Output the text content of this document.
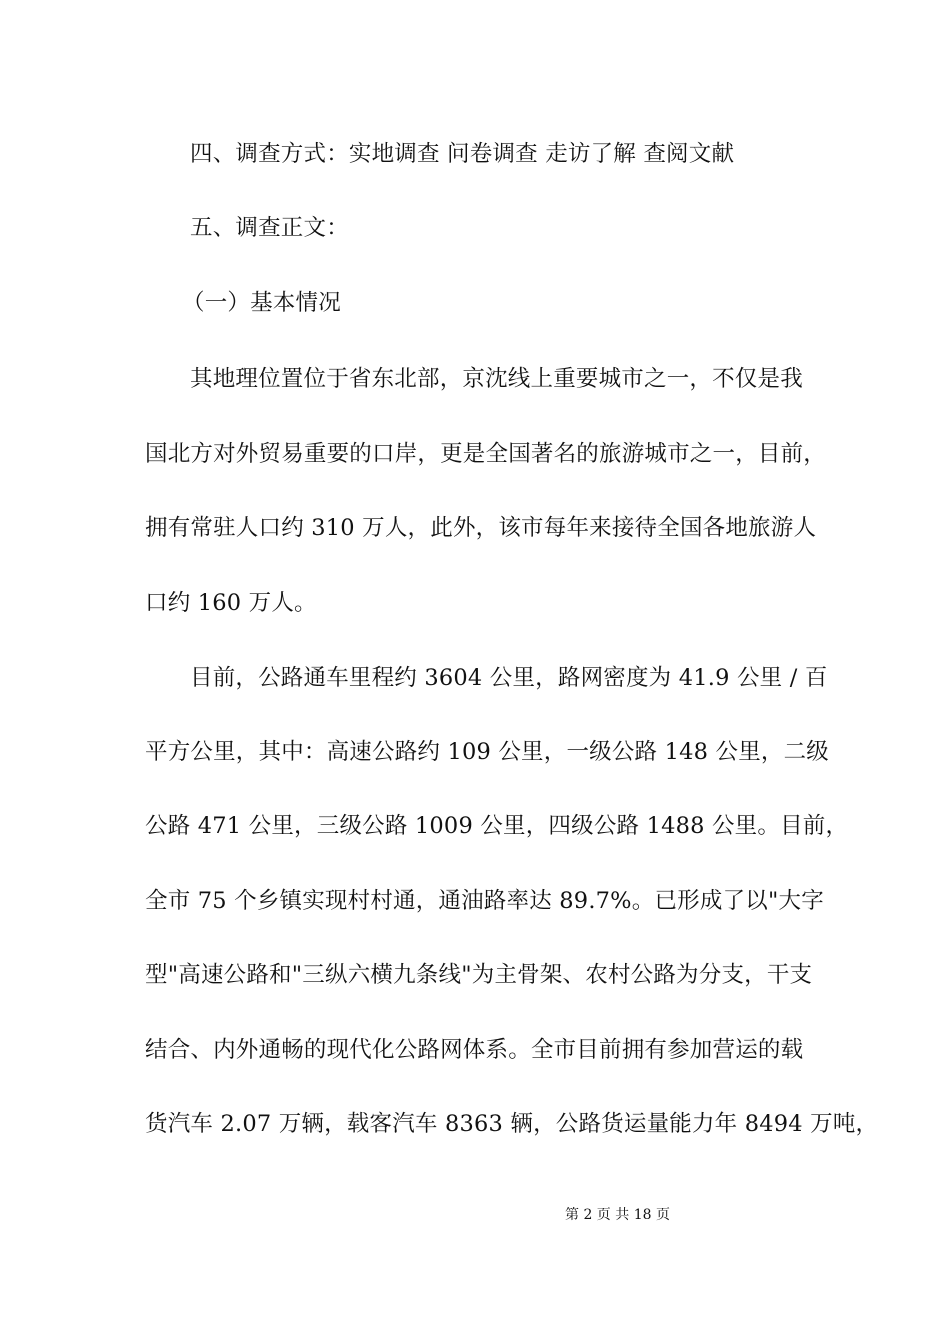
四、调查方式：实地调查 问卷调查 走访了解 查阅文献
五、调查正文：
（一）基本情况
其地理位置位于省东北部，京沈线上重要城市之一，不仅是我
国北方对外贸易重要的口岸，更是全国著名的旅游城市之一，目前，
拥有常驻人口约 310 万人，此外，该市每年来接待全国各地旅游人
口约 160 万人。
目前，公路通车里程约 3604 公里，路网密度为 41.9 公里 / 百
平方公里，其中：高速公路约 109 公里，一级公路 148 公里，二级
公路 471 公里，三级公路 1009 公里，四级公路 1488 公里。目前，
全市 75 个乡镇实现村村通，通油路率达 89.7%。已形成了以"大字
型"高速公路和"三纵六横九条线"为主骨架、农村公路为分支，干支
结合、内外通畅的现代化公路网体系。全市目前拥有参加营运的载
货汽车 2.07 万辆，载客汽车 8363 辆，公路货运量能力年 8494 万吨，
第 2 页 共 18 页
